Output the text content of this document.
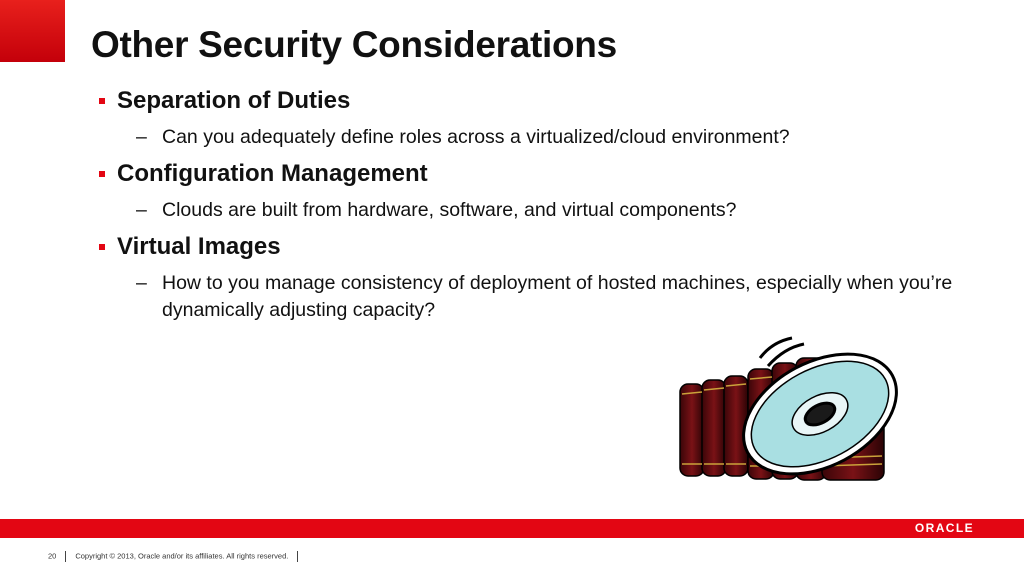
Other Security Considerations
Separation of Duties
– Can you adequately define roles across a virtualized/cloud environment?
Configuration Management
– Clouds are built from hardware, software, and virtual components?
Virtual Images
– How to you manage consistency of deployment of hosted machines, especially when you’re dynamically adjusting capacity?
ORACLE
20	Copyright © 2013, Oracle and/or its affiliates. All rights reserved.
